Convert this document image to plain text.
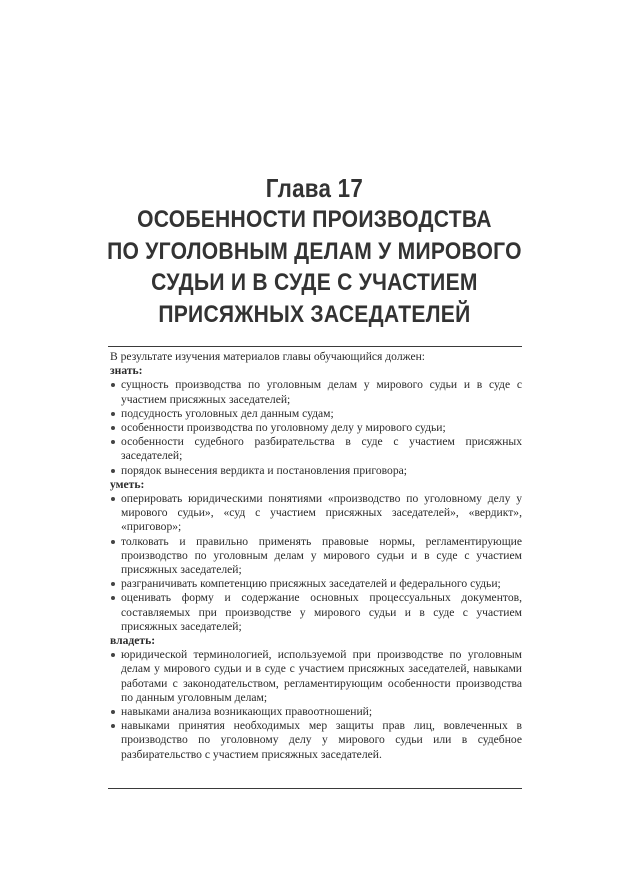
Глава 17
ОСОБЕННОСТИ ПРОИЗВОДСТВА
ПО УГОЛОВНЫМ ДЕЛАМ У МИРОВОГО
СУДЬИ И В СУДЕ С УЧАСТИЕМ
ПРИСЯЖНЫХ ЗАСЕДАТЕЛЕЙ

В результате изучения материалов главы обучающийся должен:

знать:

сущность производства по уголовным делам у мирового судьи и в суде с участием присяжных заседателей;
подсудность уголовных дел данным судам;
особенности производства по уголовному делу у мирового судьи;
особенности судебного разбирательства в суде с участием присяжных заседателей;
порядок вынесения вердикта и постановления приговора;

уметь:

оперировать юридическими понятиями «производство по уголовному делу у мирового судьи», «суд с участием присяжных заседателей», «вердикт», «приговор»;
толковать и правильно применять правовые нормы, регламентирующие производство по уголовным делам у мирового судьи и в суде с участием присяжных заседателей;
разграничивать компетенцию присяжных заседателей и федерального судьи;
оценивать форму и содержание основных процессуальных документов, составляемых при производстве у мирового судьи и в суде с участием присяжных заседателей;

владеть:

юридической терминологией, используемой при производстве по уголовным делам у мирового судьи и в суде с участием присяжных заседателей, навыками работами с законодательством, регламентирующим особенности производства по данным уголовным делам;
навыками анализа возникающих правоотношений;
навыками принятия необходимых мер защиты прав лиц, вовлеченных в производство по уголовному делу у мирового судьи или в судебное разбирательство с участием присяжных заседателей.
